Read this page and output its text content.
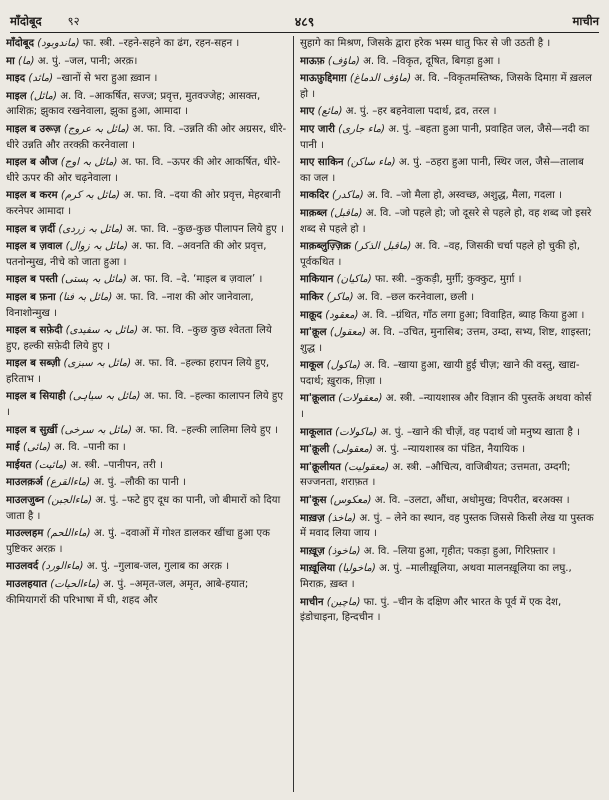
माँदोबूद ९२	४८९	माचीन
माँदोबूद (ماندوبود) फा. स्त्री. –रहने-सहने का ढंग, रहन-सहन ।
मा (ما) अ. पुं. –जल, पानी; अरक़।
माइद (مائد) –खानों से भरा हुआ ख़्वान ।
माइल (مائل) अ. वि. –आकर्षित, सज्ज; प्रवृत्त, मुतवज्जेह; आसक्त, आशिक़; झुकाव रखनेवाला, झुका हुआ, आमादा ।
माइल ब उरूज़ (مائل بہ عروج) अ. फा. वि. –उन्नति की ओर अग्रसर, धीरे-धीरे उन्नति और तरक्क़ी करनेवाला ।
माइल ब औज (مائل بہ اوج) अ. फा. वि. –ऊपर की ओर आकर्षित, धीरे-धीरे ऊपर की ओर चढ़नेवाला ।
माइल ब करम (مائل بہ کرم) अ. फा. वि. –दया की ओर प्रवृत्त, मेहरबानी करनेपर आमादा ।
माइल ब ज़र्दी (مائل بہ زردی) अ. फा. वि. –कुछ-कुछ पीलापन लिये हुए ।
माइल ब ज़वाल (مائل بہ زوال) अ. फा. वि. –अवनति की ओर प्रवृत्त, पतनोन्मुख, नीचे को जाता हुआ ।
माइल ब पस्ती (مائل بہ پستی) अ. फा. वि. –दे. ‘माइल ब ज़वाल’ ।
माइल ब फ़ना (مائل بہ فنا) अ. फा. वि. –नाश की ओर जानेवाला, विनाशोन्मुख ।
माइल ब सफ़ेदी (مائل بہ سفیدی) अ. फा. वि. –कुछ कुछ श्वेतता लिये हुए, हल्की सफ़ेदी लिये हुए ।
माइल ब सब्ज़ी (مائل بہ سبزی) अ. फा. वि. –हल्का हरापन लिये हुए, हरिताभ ।
माइल ब सियाही (مائل بہ سیاہی) अ. फा. वि. –हल्का कालापन लिये हुए ।
माइल ब सुर्ख़ी (مائل بہ سرخی) अ. फा. वि. –हल्की लालिमा लिये हुए ।
माई (مائی) अ. वि. –पानी का ।
माईयत (مائیت) अ. स्त्री. –पानीपन, तरी ।
माउलक़र्अ (ماءالقرع) अ. पुं. –लौकी का पानी ।
माउलजुब्न (ماءالجبن) अ. पुं. –फटे हुए दूध का पानी, जो बीमारों को दिया जाता है ।
माउल्लहम (ماءاللحم) अ. पुं. –दवाओं में गोश्त डालकर खींचा हुआ एक पुष्टिकर अरक़ ।
माउलवर्द (ماءالورد) अ. पुं. –गुलाब-जल, गुलाब का अरक़ ।
माउलहयात (ماءالحیات) अ. पुं. –अमृत-जल, अमृत, आबे-हयात; कीमियागरों की परिभाषा में घी, शहद और
सुहागे का मिश्रण, जिसके द्वारा हरेक भस्म धातु फिर से जी उठती है ।
माऊफ़ (ماؤف) अ. वि. –विकृत, दूषित, बिगड़ा हुआ ।
माऊफ़ुद्दिमाग़ (ماؤف الدماغ) अ. वि. –विकृतमस्तिष्क, जिसके दिमाग़ में ख़लल हो ।
माए (مائع) अ. पुं. –हर बहनेवाला पदार्थ, द्रव, तरल ।
माए जारी (ماء جاری) अ. पुं. –बहता हुआ पानी, प्रवाहित जल, जैसे—नदी का पानी ।
माए साकिन (ماء ساکن) अ. पुं. –ठहरा हुआ पानी, स्थिर जल, जैसे—तालाब का जल ।
माकदिर (ماکدر) अ. वि. –जो मैला हो, अस्वच्छ, अशुद्ध, मैला, गदला ।
माक़ब्ल (ماقبل) अ. वि. –जो पहले हो; जो दूसरे से पहले हो, वह शब्द जो इसरे शब्द से पहले हो ।
माक़ब्लुज़्ज़िक्र (ماقبل الذکر) अ. वि. –वह, जिसकी चर्चा पहले हो चुकी हो, पूर्वकथित ।
माकियान (ماکیان) फा. स्त्री. –कुकड़ी, मुर्ग़ी; कुक्कुट, मुर्ग़ा ।
माकिर (ماکر) अ. वि. –छल करनेवाला, छली ।
माक़ूद (معقود) अ. वि. –ग्रंथित, गाँठ लगा हुआ; विवाहित, ब्याह किया हुआ ।
मा'क़ूल (معقول) अ. वि. –उचित, मुनासिब; उत्तम, उम्दा, सभ्य, शिष्ट, शाइस्ता; शुद्ध ।
माकूल (ماکول) अ. वि. –खाया हुआ, खायी हुई चीज़; खाने की वस्तु, खाद्य-पदार्थ; ख़ुराक, ग़िज़ा ।
मा'क़ूलात (معقولات) अ. स्त्री. –न्यायशास्त्र और विज्ञान की पुस्तकें अथवा कोर्स ।
माकूलात (ماکولات) अ. पुं. –खाने की चीज़ें, वह पदार्थ जो मनुष्य खाता है ।
मा'क़ूली (معقولی) अ. पुं. –न्यायशास्त्र का पंडित, नैयायिक ।
मा'क़ूलीयत (معقولیت) अ. स्त्री. –औचित्य, वाजिबीयत; उत्तमता, उम्दगी; सज्जनता, शराफ़त ।
मा'कूस (معکوس) अ. वि. –उलटा, औंधा, अधोमुख; विपरीत, बरअक्स ।
माख़ज़ (ماخذ) अ. पुं. – लेने का स्थान, वह पुस्तक जिससे किसी लेख या पुस्तक में मवाद लिया जाय ।
माख़ूज़ (ماخوذ) अ. वि. –लिया हुआ, गृहीत; पकड़ा हुआ, गिरिफ़्तार ।
माख़ूलिया (ماخولیا) अ. पुं. –मालीख़ूलिया, अथवा मालनख़ूलिया का लघु., मिराक़, ख़ब्त ।
माचीन (ماچین) फा. पुं. –चीन के दक्षिण और भारत के पूर्व में एक देश, इंडोचाइना, हिन्दचीन ।
